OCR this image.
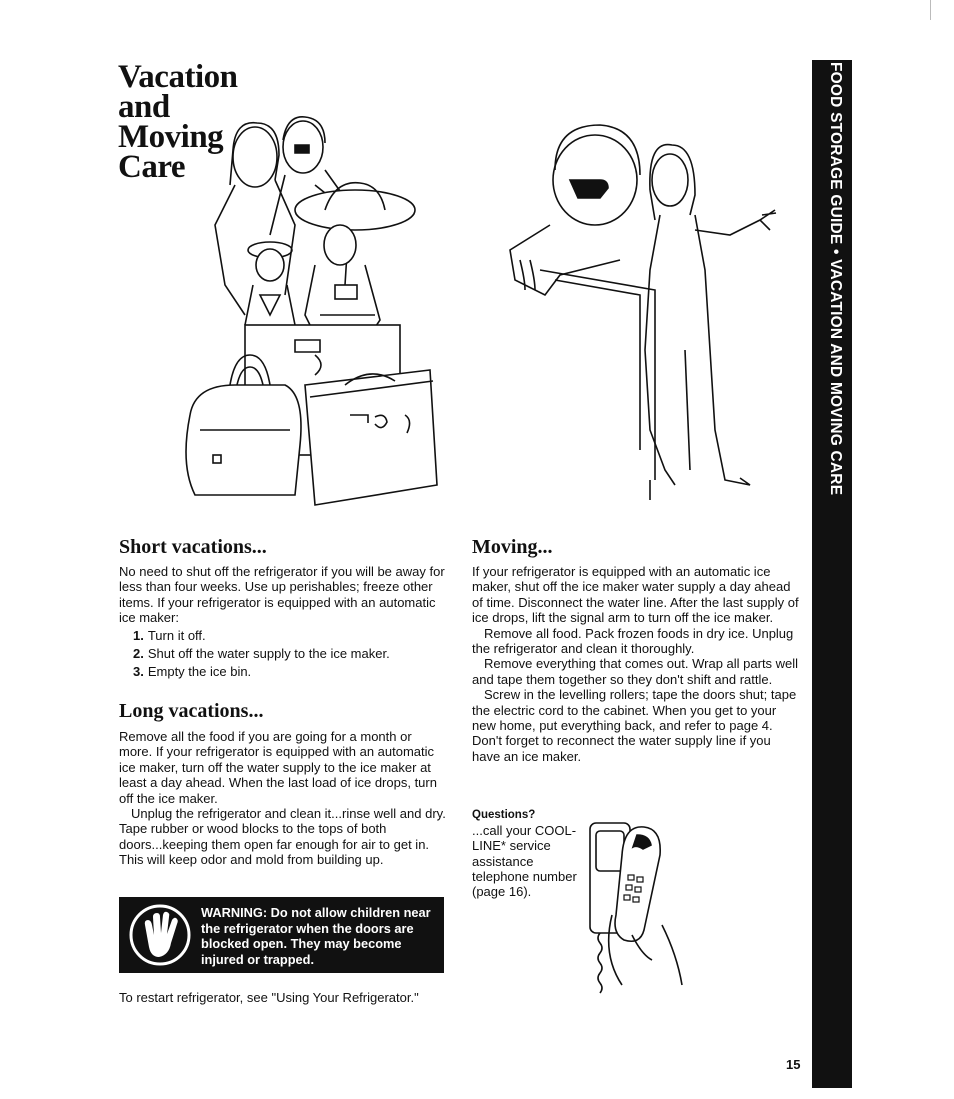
Vacation
and
Moving
Care
Short vacations...

No need to shut off the refrigerator if you will be away for less than four weeks. Use up perishables; freeze other items. If your refrigerator is equipped with an automatic ice maker:

1. Turn it off.
2. Shut off the water supply to the ice maker.
3. Empty the ice bin.
Long vacations...

Remove all the food if you are going for a month or more. If your refrigerator is equipped with an automatic ice maker, turn off the water supply to the ice maker at least a day ahead. When the last load of ice drops, turn off the ice maker.

Unplug the refrigerator and clean it...rinse well and dry. Tape rubber or wood blocks to the tops of both doors...keeping them open far enough for air to get in. This will keep odor and mold from building up.

WARNING: Do not allow children near the refrigerator when the doors are blocked open. They may become injured or trapped.
To restart refrigerator, see "Using Your Refrigerator."
Moving...

If your refrigerator is equipped with an automatic ice maker, shut off the ice maker water supply a day ahead of time. Disconnect the water line. After the last supply of ice drops, lift the signal arm to turn off the ice maker.

Remove all food. Pack frozen foods in dry ice. Unplug the refrigerator and clean it thoroughly.

Remove everything that comes out. Wrap all parts well and tape them together so they don't shift and rattle.

Screw in the levelling rollers; tape the doors shut; tape the electric cord to the cabinet. When you get to your new home, put everything back, and refer to page 4. Don't forget to reconnect the water supply line if you have an ice maker.

Questions?
...call your COOL-LINE* service assistance telephone number (page 16).
FOOD STORAGE GUIDE • VACATION AND MOVING CARE
15
